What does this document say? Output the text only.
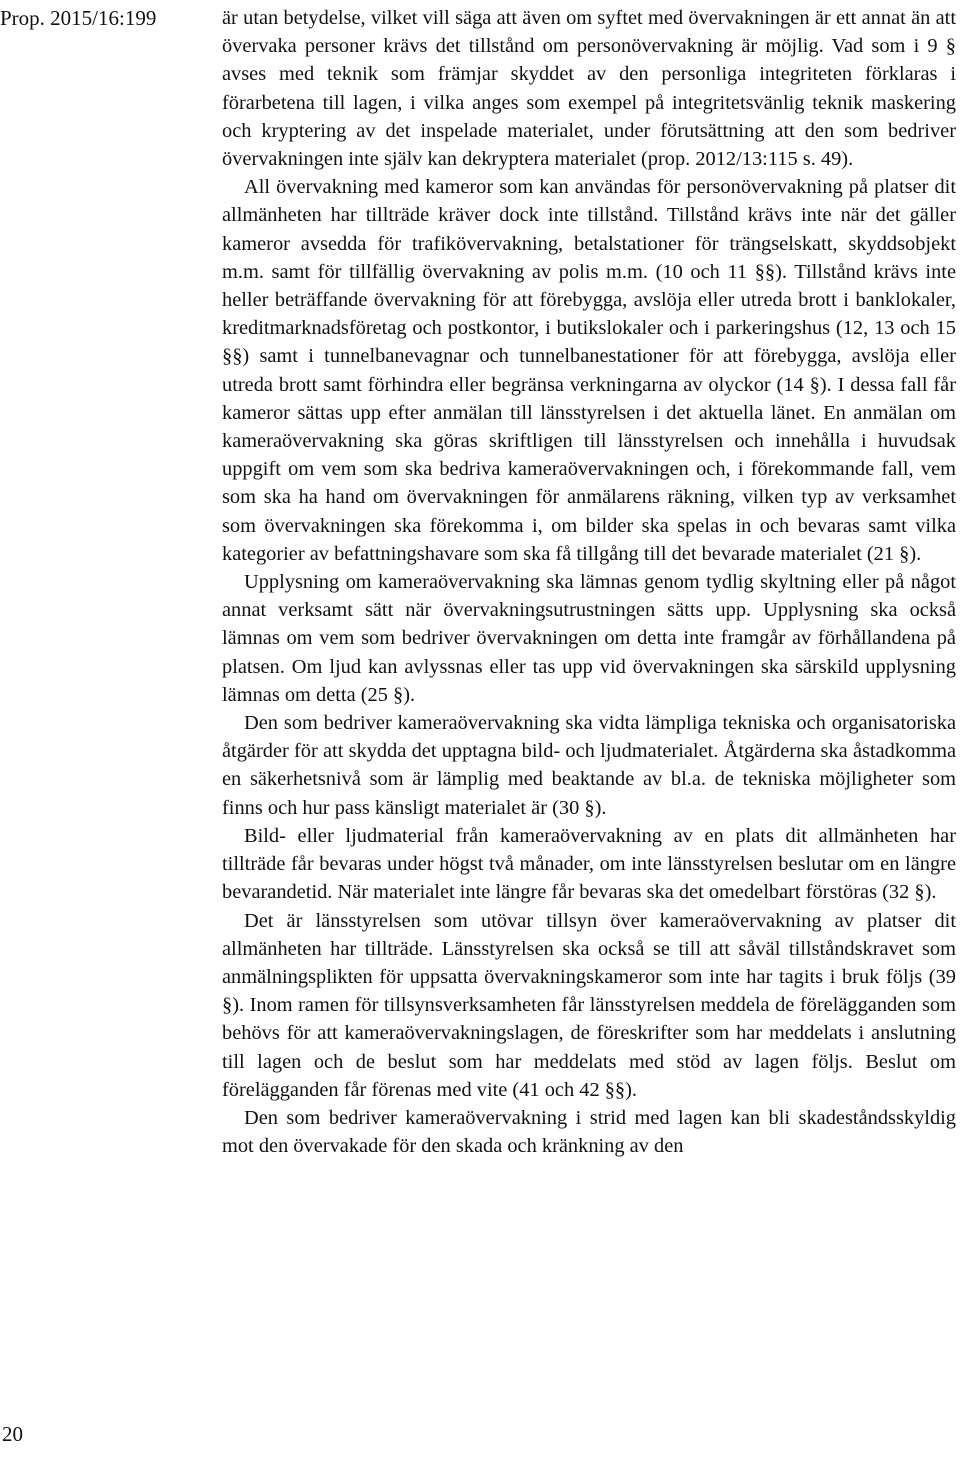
Prop. 2015/16:199	är utan betydelse, vilket vill säga att även om syftet med övervakningen är ett annat än att övervaka personer krävs det tillstånd om personövervakning är möjlig. Vad som i 9 § avses med teknik som främjar skyddet av den personliga integriteten förklaras i förarbetena till lagen, i vilka anges som exempel på integritetsvänlig teknik maskering och kryptering av det inspelade materialet, under förutsättning att den som bedriver övervakningen inte själv kan dekryptera materialet (prop. 2012/13:115 s. 49).

All övervakning med kameror som kan användas för personövervakning på platser dit allmänheten har tillträde kräver dock inte tillstånd. Tillstånd krävs inte när det gäller kameror avsedda för trafikövervakning, betalstationer för trängselskatt, skyddsobjekt m.m. samt för tillfällig övervakning av polis m.m. (10 och 11 §§). Tillstånd krävs inte heller beträffande övervakning för att förebygga, avslöja eller utreda brott i banklokaler, kreditmarknadsföretag och postkontor, i butikslokaler och i parkeringshus (12, 13 och 15 §§) samt i tunnelbanevagnar och tunnelbanestationer för att förebygga, avslöja eller utreda brott samt förhindra eller begränsa verkningarna av olyckor (14 §). I dessa fall får kameror sättas upp efter anmälan till länsstyrelsen i det aktuella länet. En anmälan om kameraövervakning ska göras skriftligen till länsstyrelsen och innehålla i huvudsak uppgift om vem som ska bedriva kameraövervakningen och, i förekommande fall, vem som ska ha hand om övervakningen för anmälarens räkning, vilken typ av verksamhet som övervakningen ska förekomma i, om bilder ska spelas in och bevaras samt vilka kategorier av befattningshavare som ska få tillgång till det bevarade materialet (21 §).

Upplysning om kameraövervakning ska lämnas genom tydlig skyltning eller på något annat verksamt sätt när övervakningsutrustningen sätts upp. Upplysning ska också lämnas om vem som bedriver övervakningen om detta inte framgår av förhållandena på platsen. Om ljud kan avlyssnas eller tas upp vid övervakningen ska särskild upplysning lämnas om detta (25 §).

Den som bedriver kameraövervakning ska vidta lämpliga tekniska och organisatoriska åtgärder för att skydda det upptagna bild- och ljudmaterialet. Åtgärderna ska åstadkomma en säkerhetsnivå som är lämplig med beaktande av bl.a. de tekniska möjligheter som finns och hur pass känsligt materialet är (30 §).

Bild- eller ljudmaterial från kameraövervakning av en plats dit allmänheten har tillträde får bevaras under högst två månader, om inte länsstyrelsen beslutar om en längre bevarandetid. När materialet inte längre får bevaras ska det omedelbart förstöras (32 §).

Det är länsstyrelsen som utövar tillsyn över kameraövervakning av platser dit allmänheten har tillträde. Länsstyrelsen ska också se till att såväl tillståndskravet som anmälningsplikten för uppsatta övervakningskameror som inte har tagits i bruk följs (39 §). Inom ramen för tillsynsverksamheten får länsstyrelsen meddela de förelägganden som behövs för att kameraövervakningslagen, de föreskrifter som har meddelats i anslutning till lagen och de beslut som har meddelats med stöd av lagen följs. Beslut om förelägganden får förenas med vite (41 och 42 §§).

Den som bedriver kameraövervakning i strid med lagen kan bli skadeståndsskyldig mot den övervakade för den skada och kränkning av den

20
